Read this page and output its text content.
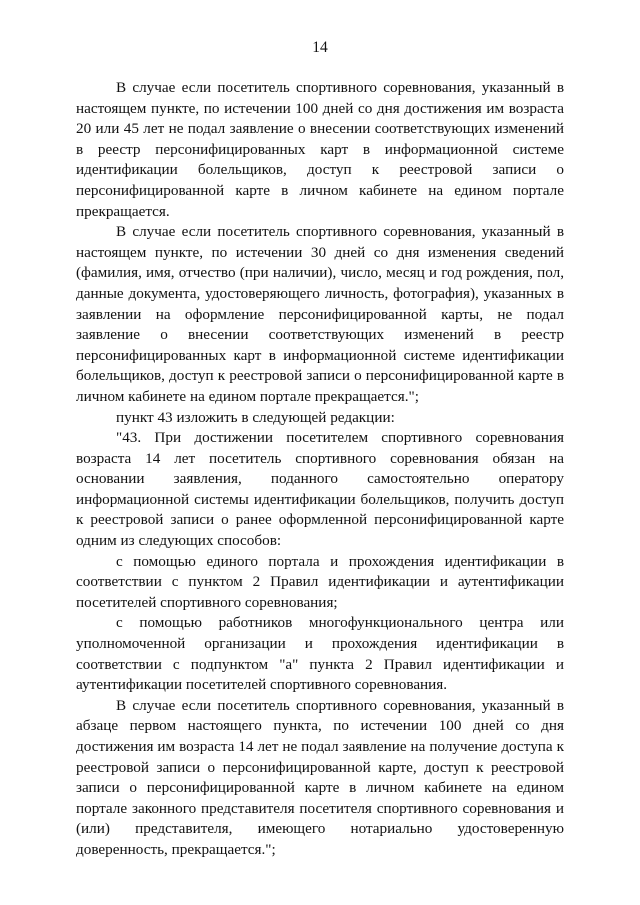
14

В случае если посетитель спортивного соревнования, указанный в настоящем пункте, по истечении 100 дней со дня достижения им возраста 20 или 45 лет не подал заявление о внесении соответствующих изменений в реестр персонифицированных карт в информационной системе идентификации болельщиков, доступ к реестровой записи о персонифицированной карте в личном кабинете на едином портале прекращается.

В случае если посетитель спортивного соревнования, указанный в настоящем пункте, по истечении 30 дней со дня изменения сведений (фамилия, имя, отчество (при наличии), число, месяц и год рождения, пол, данные документа, удостоверяющего личность, фотография), указанных в заявлении на оформление персонифицированной карты, не подал заявление о внесении соответствующих изменений в реестр персонифицированных карт в информационной системе идентификации болельщиков, доступ к реестровой записи о персонифицированной карте в личном кабинете на едином портале прекращается.";

пункт 43 изложить в следующей редакции:

"43. При достижении посетителем спортивного соревнования возраста 14 лет посетитель спортивного соревнования обязан на основании заявления, поданного самостоятельно оператору информационной системы идентификации болельщиков, получить доступ к реестровой записи о ранее оформленной персонифицированной карте одним из следующих способов:

с помощью единого портала и прохождения идентификации в соответствии с пунктом 2 Правил идентификации и аутентификации посетителей спортивного соревнования;

с помощью работников многофункционального центра или уполномоченной организации и прохождения идентификации в соответствии с подпунктом "а" пункта 2 Правил идентификации и аутентификации посетителей спортивного соревнования.

В случае если посетитель спортивного соревнования, указанный в абзаце первом настоящего пункта, по истечении 100 дней со дня достижения им возраста 14 лет не подал заявление на получение доступа к реестровой записи о персонифицированной карте, доступ к реестровой записи о персонифицированной карте в личном кабинете на едином портале законного представителя посетителя спортивного соревнования и (или) представителя, имеющего нотариально удостоверенную доверенность, прекращается.";
